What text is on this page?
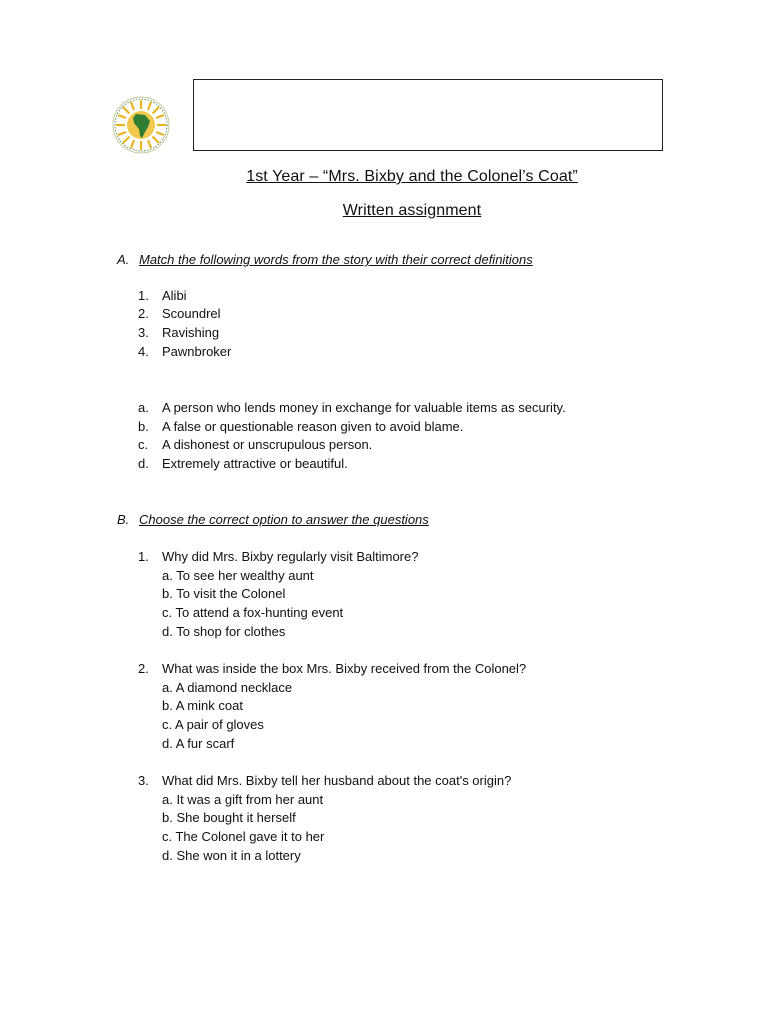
1st Year – “Mrs. Bixby and the Colonel’s Coat”
Written assignment
A. Match the following words from the story with their correct definitions
1. Alibi
2. Scoundrel
3. Ravishing
4. Pawnbroker
a. A person who lends money in exchange for valuable items as security.
b. A false or questionable reason given to avoid blame.
c. A dishonest or unscrupulous person.
d. Extremely attractive or beautiful.
B. Choose the correct option to answer the questions
1. Why did Mrs. Bixby regularly visit Baltimore?
a. To see her wealthy aunt
b. To visit the Colonel
c. To attend a fox-hunting event
d. To shop for clothes
2. What was inside the box Mrs. Bixby received from the Colonel?
a. A diamond necklace
b. A mink coat
c. A pair of gloves
d. A fur scarf
3. What did Mrs. Bixby tell her husband about the coat's origin?
a. It was a gift from her aunt
b. She bought it herself
c. The Colonel gave it to her
d. She won it in a lottery
